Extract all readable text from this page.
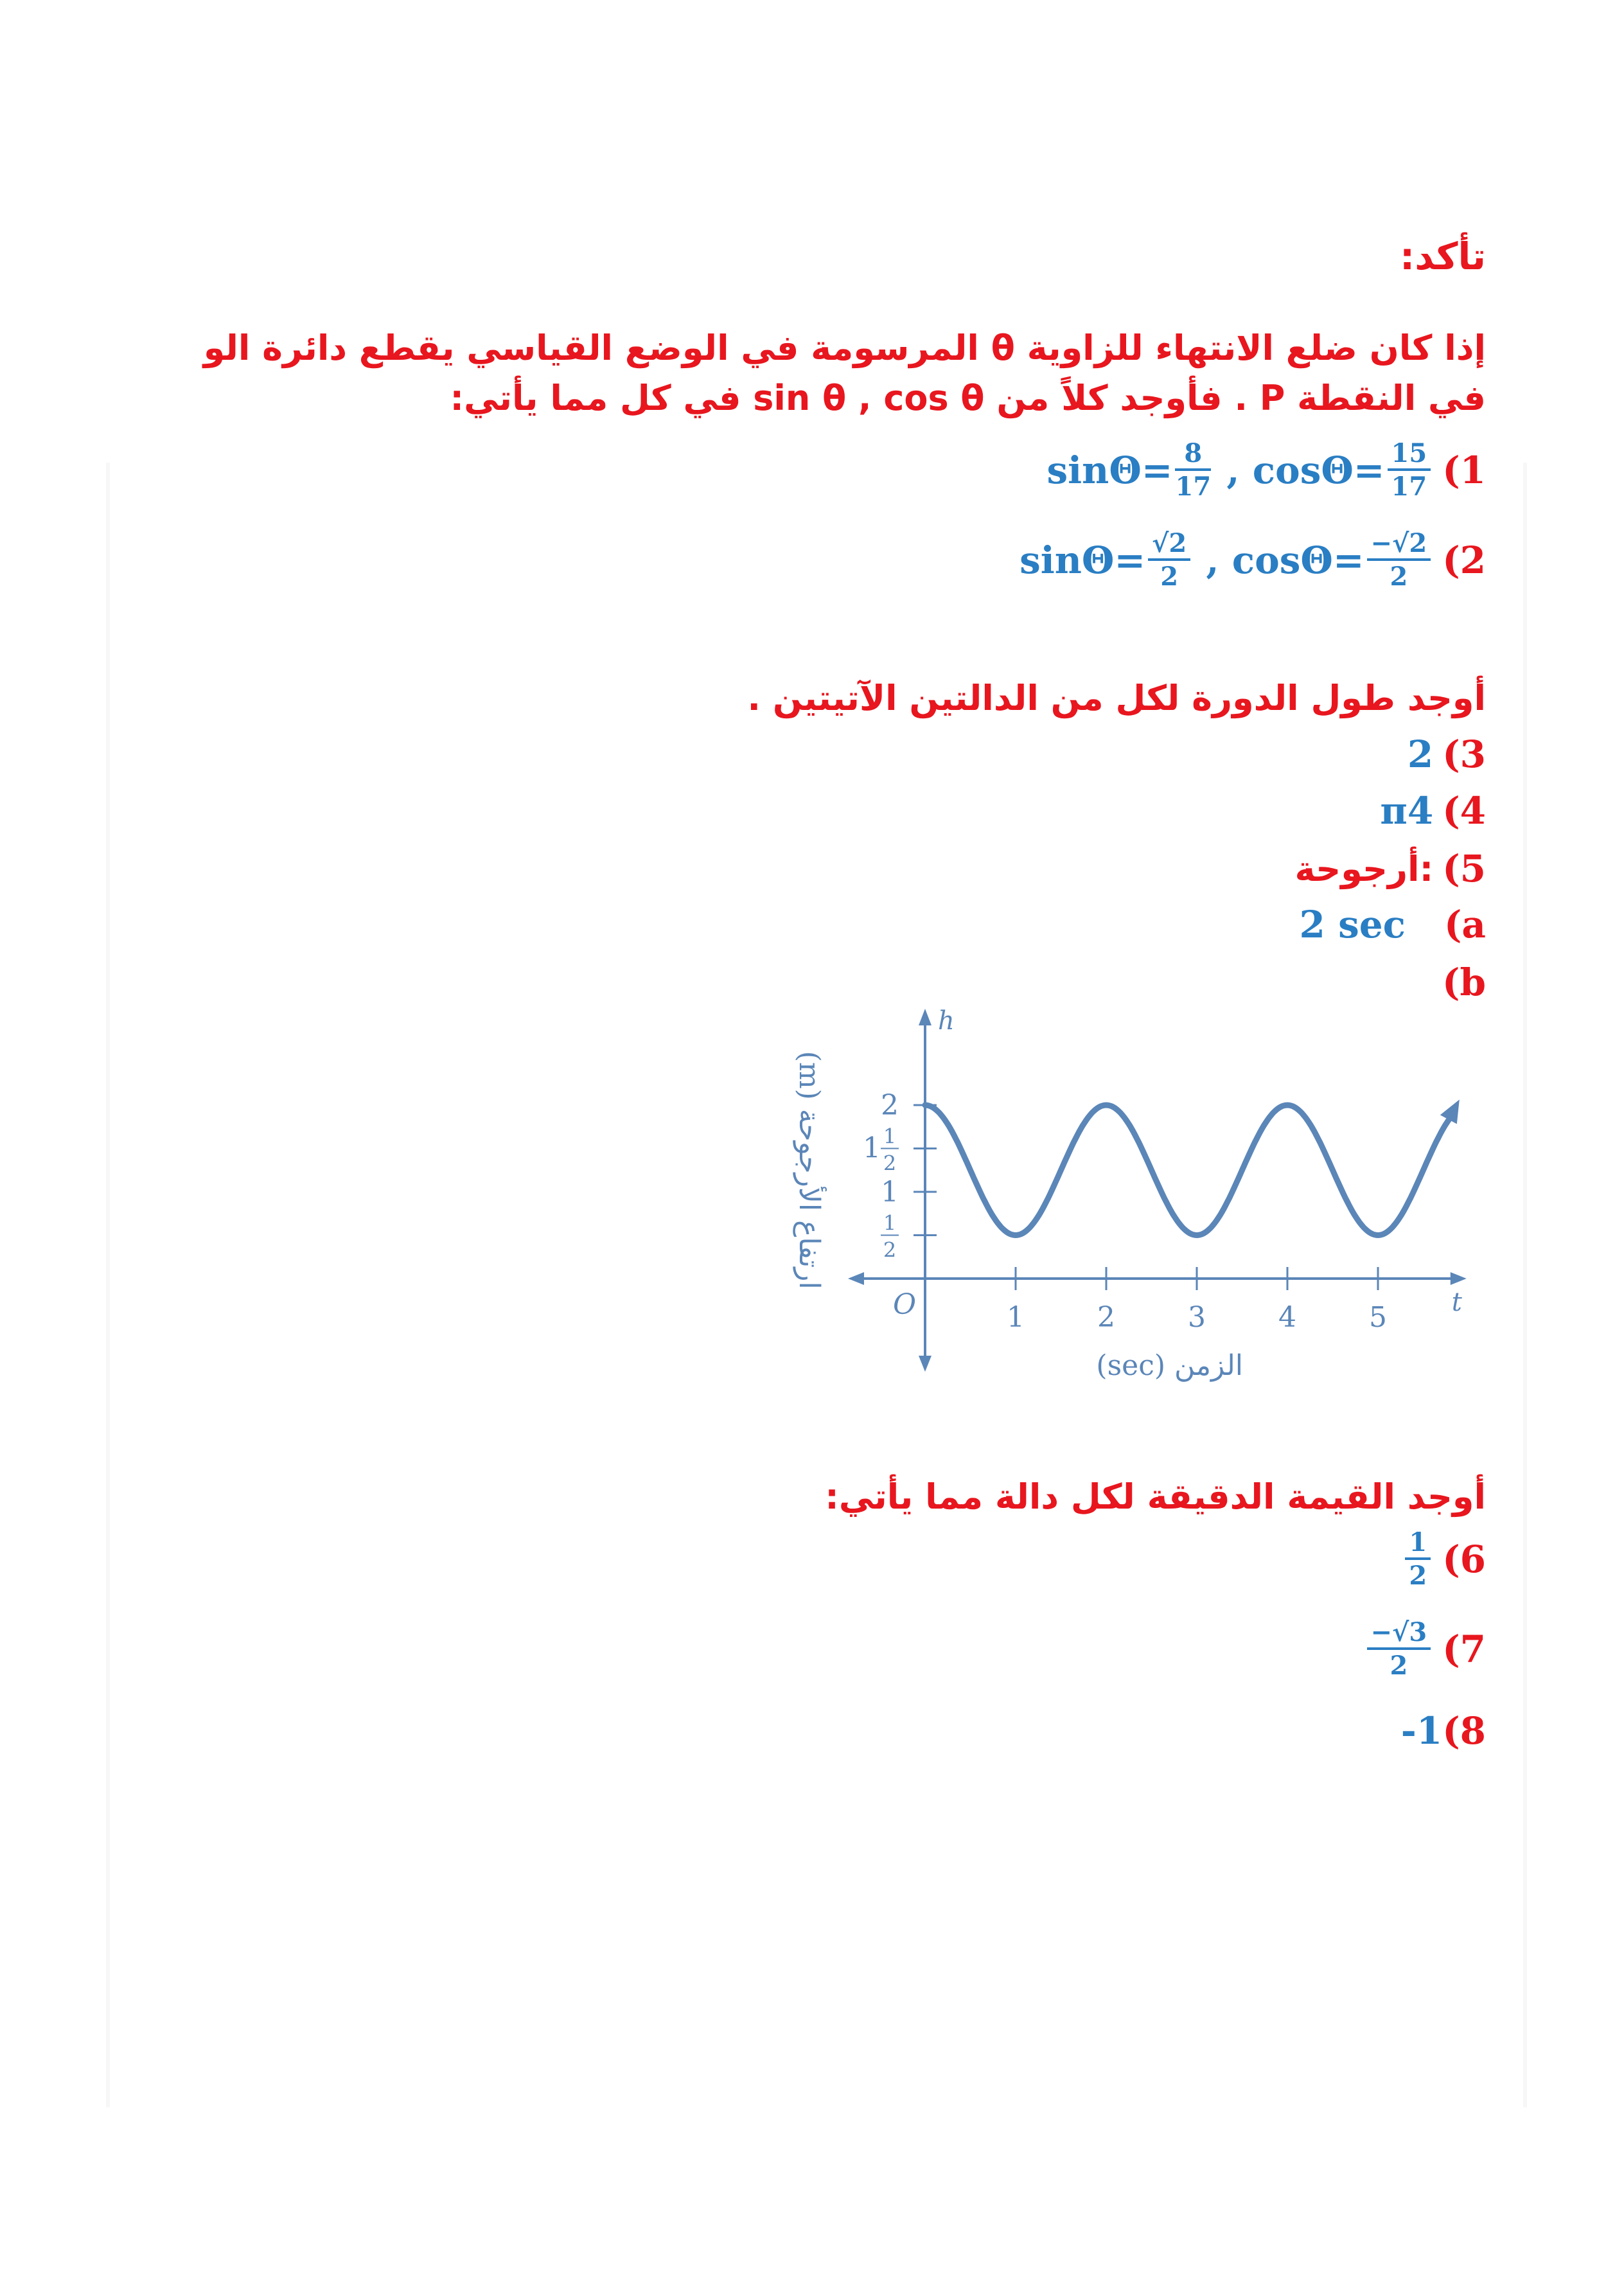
تأكد:
إذا كان ضلع الانتهاء للزاوية θ المرسومة في الوضع القياسي يقطع دائرة الو
في النقطة P . فأوجد كلاً من sin θ , cos θ في كل مما يأتي:
$\sin\Theta= \frac{8}{17}$ , $\cos\Theta= \frac{15}{17} (1$
$\sin\Theta= \frac{√2}{2}$ , $\cos\Theta= \frac{-√2}{2} (2$
أوجد طول الدورة لكل من الدالتين الآتيتين .
2 (3
π4 (4
أرجوحة: (5
2 sec (a
(b
h
t
O	1	2	3	4	5
1
2
1
1
2
1
2
الزمن (sec)
ارتفاع الأرجوحة (m)
أوجد القيمة الدقيقة لكل دالة مما يأتي:
$\frac{1}{2} (6$
$\frac{-√3}{2} (7$
-1 (8
